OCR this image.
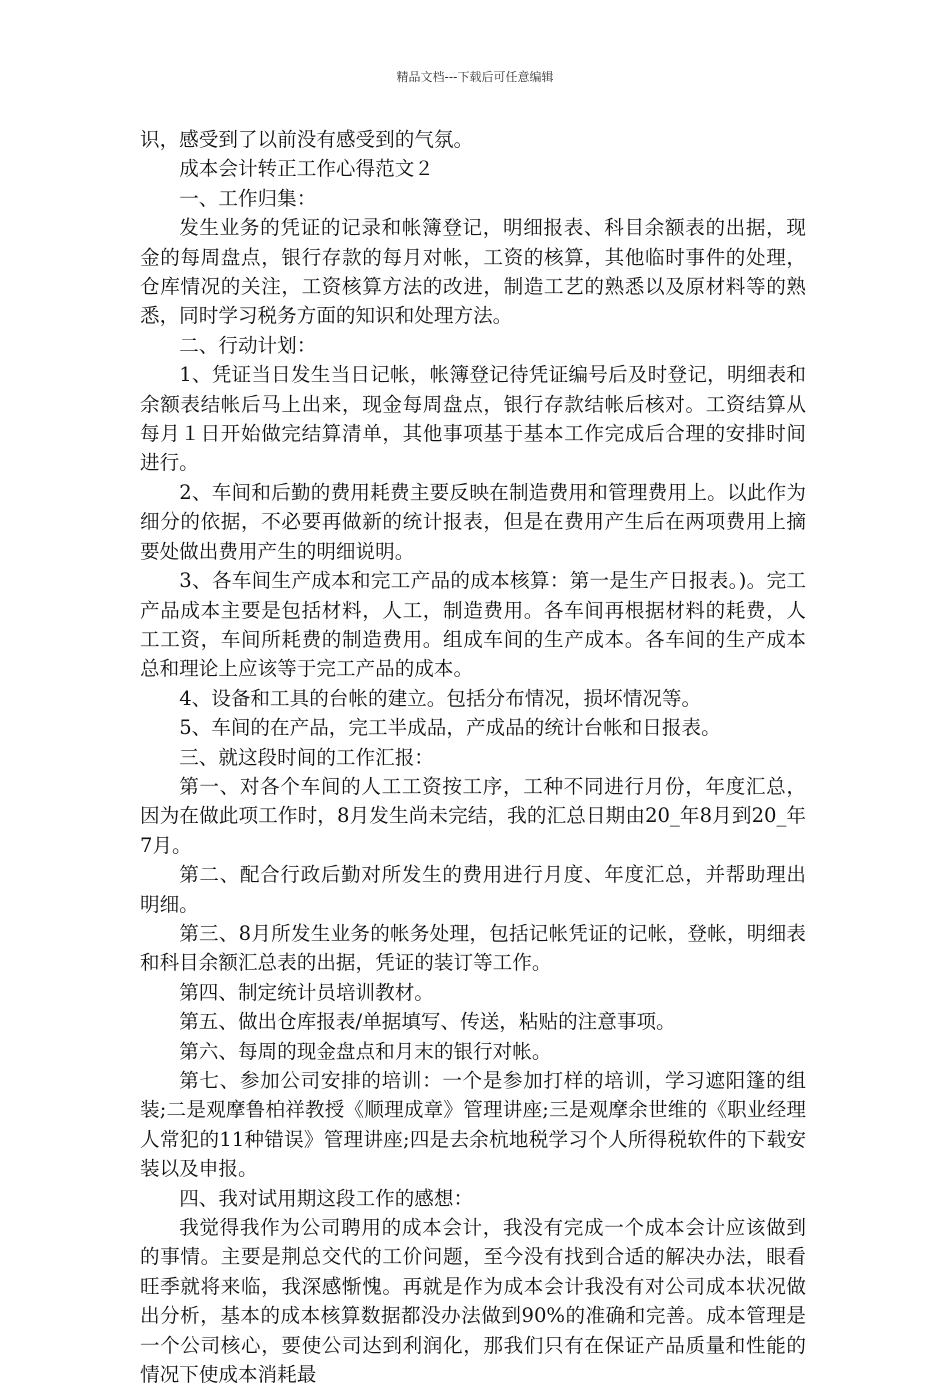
精品文档---下载后可任意编辑

识，感受到了以前没有感受到的气氛。

成本会计转正工作心得范文２

一、工作归集：

发生业务的凭证的记录和帐簿登记，明细报表、科目余额表的出据，现金的每周盘点，银行存款的每月对帐，工资的核算，其他临时事件的处理，仓库情况的关注，工资核算方法的改进，制造工艺的熟悉以及原材料等的熟悉，同时学习税务方面的知识和处理方法。

二、行动计划：

1、凭证当日发生当日记帐，帐簿登记待凭证编号后及时登记，明细表和余额表结帐后马上出来，现金每周盘点，银行存款结帐后核对。工资结算从每月１日开始做完结算清单，其他事项基于基本工作完成后合理的安排时间进行。

2、车间和后勤的费用耗费主要反映在制造费用和管理费用上。以此作为细分的依据，不必要再做新的统计报表，但是在费用产生后在两项费用上摘要处做出费用产生的明细说明。

3、各车间生产成本和完工产品的成本核算：第一是生产日报表。)。完工产品成本主要是包括材料，人工，制造费用。各车间再根据材料的耗费，人工工资，车间所耗费的制造费用。组成车间的生产成本。各车间的生产成本总和理论上应该等于完工产品的成本。

4、设备和工具的台帐的建立。包括分布情况，损坏情况等。

5、车间的在产品，完工半成品，产成品的统计台帐和日报表。

三、就这段时间的工作汇报：

第一、对各个车间的人工工资按工序，工种不同进行月份，年度汇总，因为在做此项工作时，8月发生尚未完结，我的汇总日期由20_年8月到20_年7月。

第二、配合行政后勤对所发生的费用进行月度、年度汇总，并帮助理出明细。

第三、8月所发生业务的帐务处理，包括记帐凭证的记帐，登帐，明细表和科目余额汇总表的出据，凭证的装订等工作。

第四、制定统计员培训教材。

第五、做出仓库报表/单据填写、传送，粘贴的注意事项。

第六、每周的现金盘点和月末的银行对帐。

第七、参加公司安排的培训：一个是参加打样的培训，学习遮阳篷的组装;二是观摩鲁柏祥教授《顺理成章》管理讲座;三是观摩余世维的《职业经理人常犯的11种错误》管理讲座;四是去余杭地税学习个人所得税软件的下载安装以及申报。

四、我对试用期这段工作的感想：

我觉得我作为公司聘用的成本会计，我没有完成一个成本会计应该做到的事情。主要是荆总交代的工价问题，至今没有找到合适的解决办法，眼看旺季就将来临，我深感惭愧。再就是作为成本会计我没有对公司成本状况做出分析，基本的成本核算数据都没办法做到90%的准确和完善。成本管理是一个公司核心，要使公司达到利润化，那我们只有在保证产品质量和性能的情况下使成本消耗最
